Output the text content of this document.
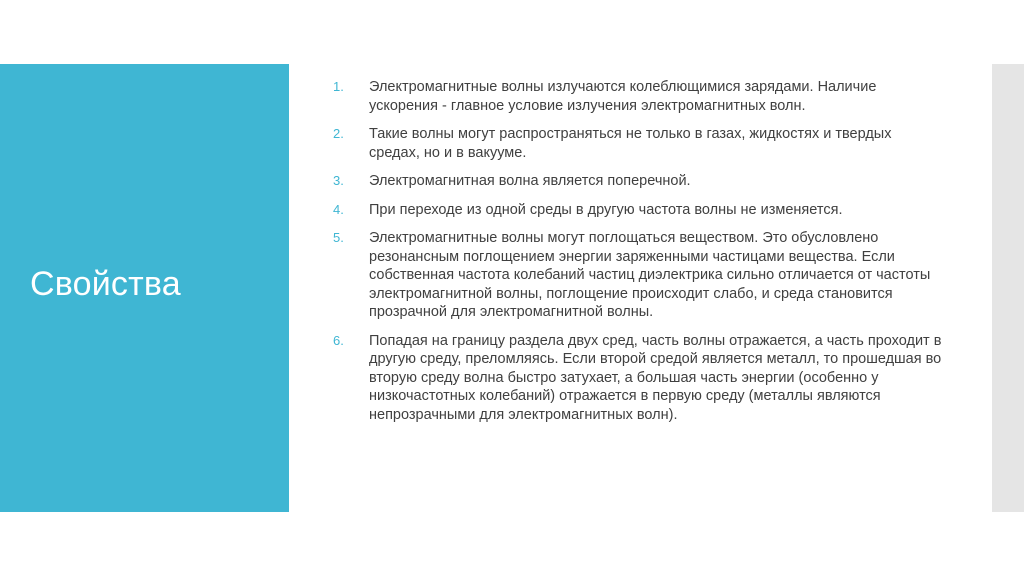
Свойства
1. Электромагнитные волны излучаются колеблющимися зарядами. Наличие ускорения - главное условие излучения электромагнитных волн.
2. Такие волны могут распространяться не только в газах, жидкостях и твердых средах, но и в вакууме.
3. Электромагнитная волна является поперечной.
4. При переходе из одной среды в другую частота волны не изменяется.
5. Электромагнитные волны могут поглощаться веществом. Это обусловлено резонансным поглощением энергии заряженными частицами вещества. Если собственная частота колебаний частиц диэлектрика сильно отличается от частоты электромагнитной волны, поглощение происходит слабо, и среда становится прозрачной для электромагнитной волны.
6. Попадая на границу раздела двух сред, часть волны отражается, а часть проходит в другую среду, преломляясь. Если второй средой является металл, то прошедшая во вторую среду волна быстро затухает, а большая часть энергии (особенно у низкочастотных колебаний) отражается в первую среду (металлы являются непрозрачными для электромагнитных волн).
